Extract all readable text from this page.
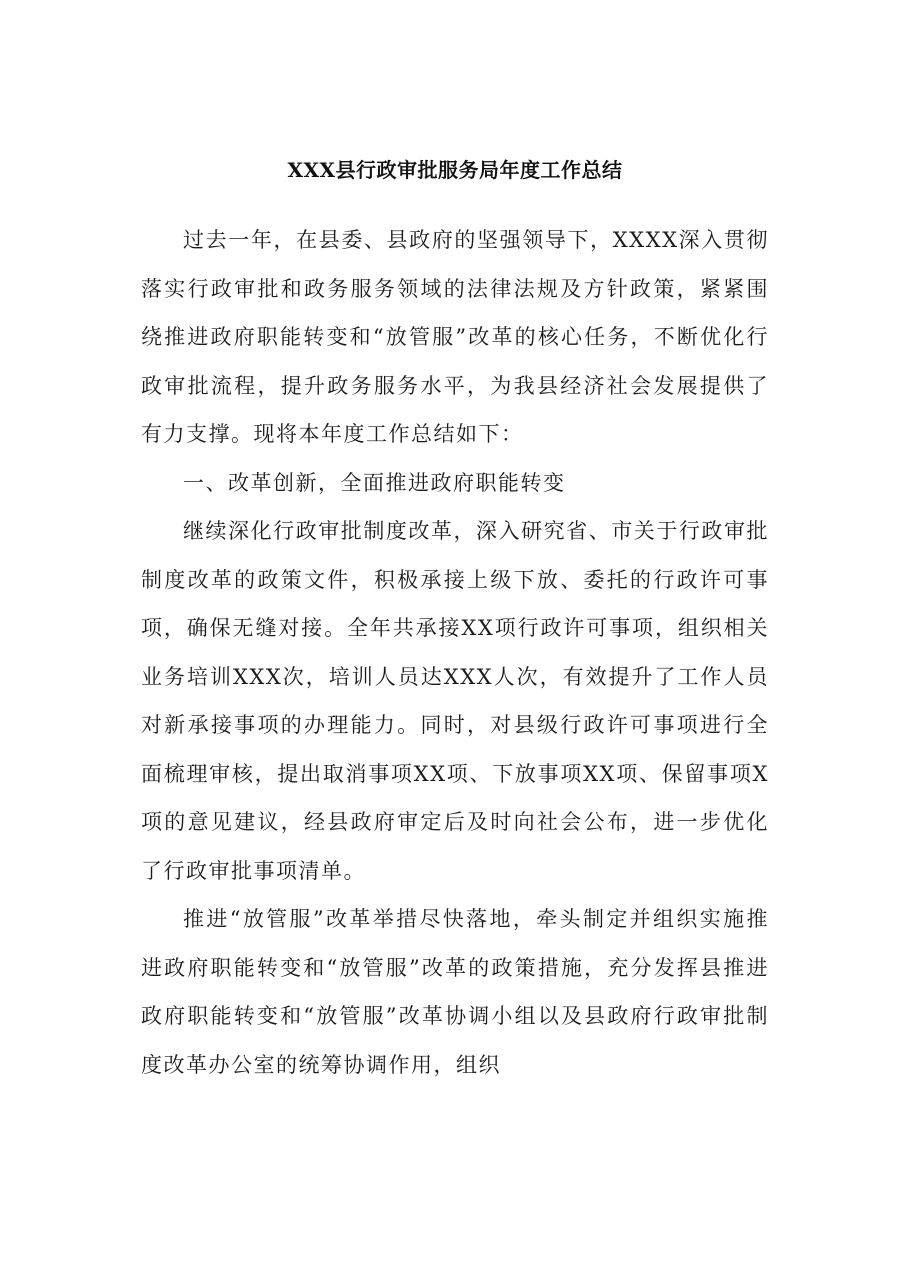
XXX县行政审批服务局年度工作总结

过去一年，在县委、县政府的坚强领导下，XXXX深入贯彻落实行政审批和政务服务领域的法律法规及方针政策，紧紧围绕推进政府职能转变和“放管服”改革的核心任务，不断优化行政审批流程，提升政务服务水平，为我县经济社会发展提供了有力支撑。现将本年度工作总结如下：

一、改革创新，全面推进政府职能转变

继续深化行政审批制度改革，深入研究省、市关于行政审批制度改革的政策文件，积极承接上级下放、委托的行政许可事项，确保无缝对接。全年共承接XX项行政许可事项，组织相关业务培训XXX次，培训人员达XXX人次，有效提升了工作人员对新承接事项的办理能力。同时，对县级行政许可事项进行全面梳理审核，提出取消事项XX项、下放事项XX项、保留事项X项的意见建议，经县政府审定后及时向社会公布，进一步优化了行政审批事项清单。

推进“放管服”改革举措尽快落地，牵头制定并组织实施推进政府职能转变和“放管服”改革的政策措施，充分发挥县推进政府职能转变和“放管服”改革协调小组以及县政府行政审批制度改革办公室的统筹协调作用，组织
